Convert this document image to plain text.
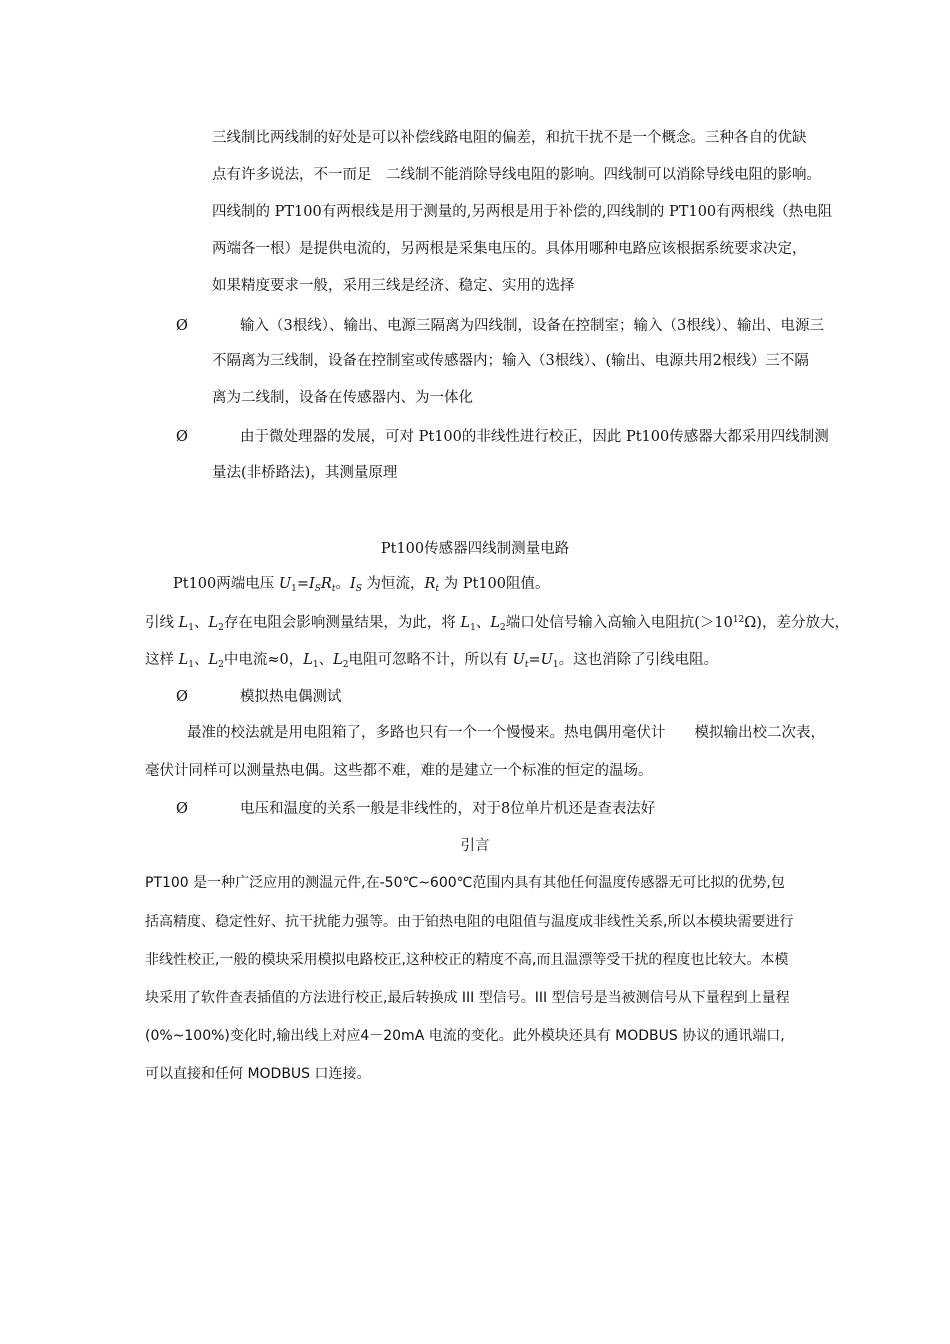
三线制比两线制的好处是可以补偿线路电阻的偏差，和抗干扰不是一个概念。三种各自的优缺
点有许多说法，不一而足　二线制不能消除导线电阻的影响。四线制可以消除导线电阻的影响。
四线制的 PT100有两根线是用于测量的,另两根是用于补偿的,四线制的 PT100有两根线（热电阻
两端各一根）是提供电流的，另两根是采集电压的。具体用哪种电路应该根据系统要求决定，
如果精度要求一般，采用三线是经济、稳定、实用的选择
Ø	输入（3根线）、输出、电源三隔离为四线制，设备在控制室；输入（3根线）、输出、电源三
不隔离为三线制，设备在控制室或传感器内；输入（3根线）、(输出、电源共用2根线）三不隔
离为二线制，设备在传感器内、为一体化
Ø	由于微处理器的发展，可对 Pt100的非线性进行校正，因此 Pt100传感器大都采用四线制测
量法(非桥路法)，其测量原理
Pt100传感器四线制测量电路
Pt100两端电压 $U_1=I_SR_t$。$I_S$ 为恒流，$R_t$ 为 Pt100阻值。
引线 $L_1$、$L_2$存在电阻会影响测量结果，为此，将 $L_1$、$L_2$端口处信号输入高输入电阻抗$(>10^{12}\Omega)$，差分放大，
这样 $L_1$、$L_2$中电流≈0，$L_1$、$L_2$电阻可忽略不计，所以有 $U_t=U_1$。这也消除了引线电阻。
Ø	模拟热电偶测试
最准的校法就是用电阻箱了，多路也只有一个一个慢慢来。热电偶用毫伏计　　模拟输出校二次表，
毫伏计同样可以测量热电偶。这些都不难，难的是建立一个标准的恒定的温场。
Ø	电压和温度的关系一般是非线性的，对于8位单片机还是查表法好
引言
PT100 是一种广泛应用的测温元件,在-50℃~600℃范围内具有其他任何温度传感器无可比拟的优势,包
括高精度、稳定性好、抗干扰能力强等。由于铂热电阻的电阻值与温度成非线性关系,所以本模块需要进行
非线性校正,一般的模块采用模拟电路校正,这种校正的精度不高,而且温漂等受干扰的程度也比较大。本模
块采用了软件查表插值的方法进行校正,最后转换成 III 型信号。III 型信号是当被测信号从下量程到上量程
(0%~100%)变化时,输出线上对应4－20mA 电流的变化。此外模块还具有 MODBUS 协议的通讯端口,
可以直接和任何 MODBUS 口连接。
